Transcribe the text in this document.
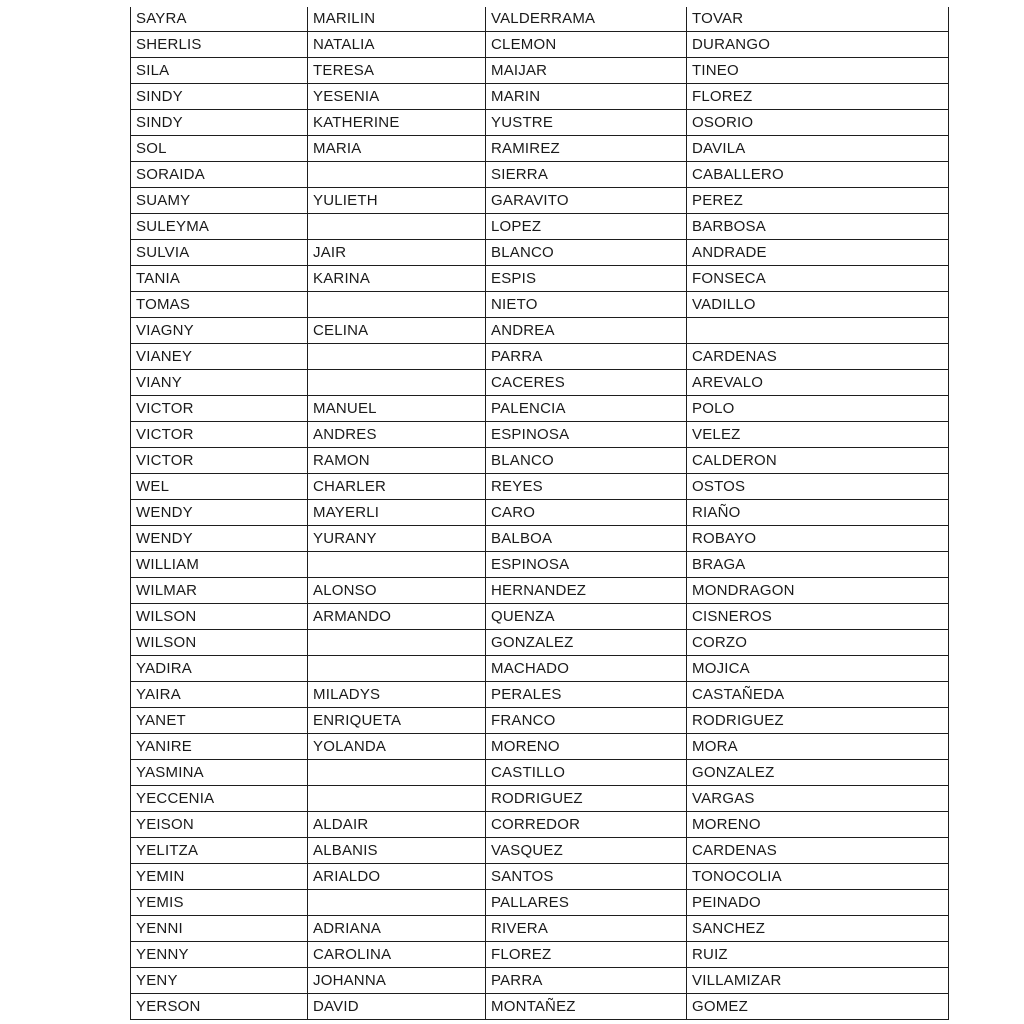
SAYRA	MARILIN	VALDERRAMA	TOVAR
SHERLIS	NATALIA	CLEMON	DURANGO
SILA	TERESA	MAIJAR	TINEO
SINDY	YESENIA	MARIN	FLOREZ
SINDY	KATHERINE	YUSTRE	OSORIO
SOL	MARIA	RAMIREZ	DAVILA
SORAIDA		SIERRA	CABALLERO
SUAMY	YULIETH	GARAVITO	PEREZ
SULEYMA		LOPEZ	BARBOSA
SULVIA	JAIR	BLANCO	ANDRADE
TANIA	KARINA	ESPIS	FONSECA
TOMAS		NIETO	VADILLO
VIAGNY	CELINA	ANDREA	
VIANEY		PARRA	CARDENAS
VIANY		CACERES	AREVALO
VICTOR	MANUEL	PALENCIA	POLO
VICTOR	ANDRES	ESPINOSA	VELEZ
VICTOR	RAMON	BLANCO	CALDERON
WEL	CHARLER	REYES	OSTOS
WENDY	MAYERLI	CARO	RIAÑO
WENDY	YURANY	BALBOA	ROBAYO
WILLIAM		ESPINOSA	BRAGA
WILMAR	ALONSO	HERNANDEZ	MONDRAGON
WILSON	ARMANDO	QUENZA	CISNEROS
WILSON		GONZALEZ	CORZO
YADIRA		MACHADO	MOJICA
YAIRA	MILADYS	PERALES	CASTAÑEDA
YANET	ENRIQUETA	FRANCO	RODRIGUEZ
YANIRE	YOLANDA	MORENO	MORA
YASMINA		CASTILLO	GONZALEZ
YECCENIA		RODRIGUEZ	VARGAS
YEISON	ALDAIR	CORREDOR	MORENO
YELITZA	ALBANIS	VASQUEZ	CARDENAS
YEMIN	ARIALDO	SANTOS	TONOCOLIA
YEMIS		PALLARES	PEINADO
YENNI	ADRIANA	RIVERA	SANCHEZ
YENNY	CAROLINA	FLOREZ	RUIZ
YENY	JOHANNA	PARRA	VILLAMIZAR
YERSON	DAVID	MONTAÑEZ	GOMEZ
